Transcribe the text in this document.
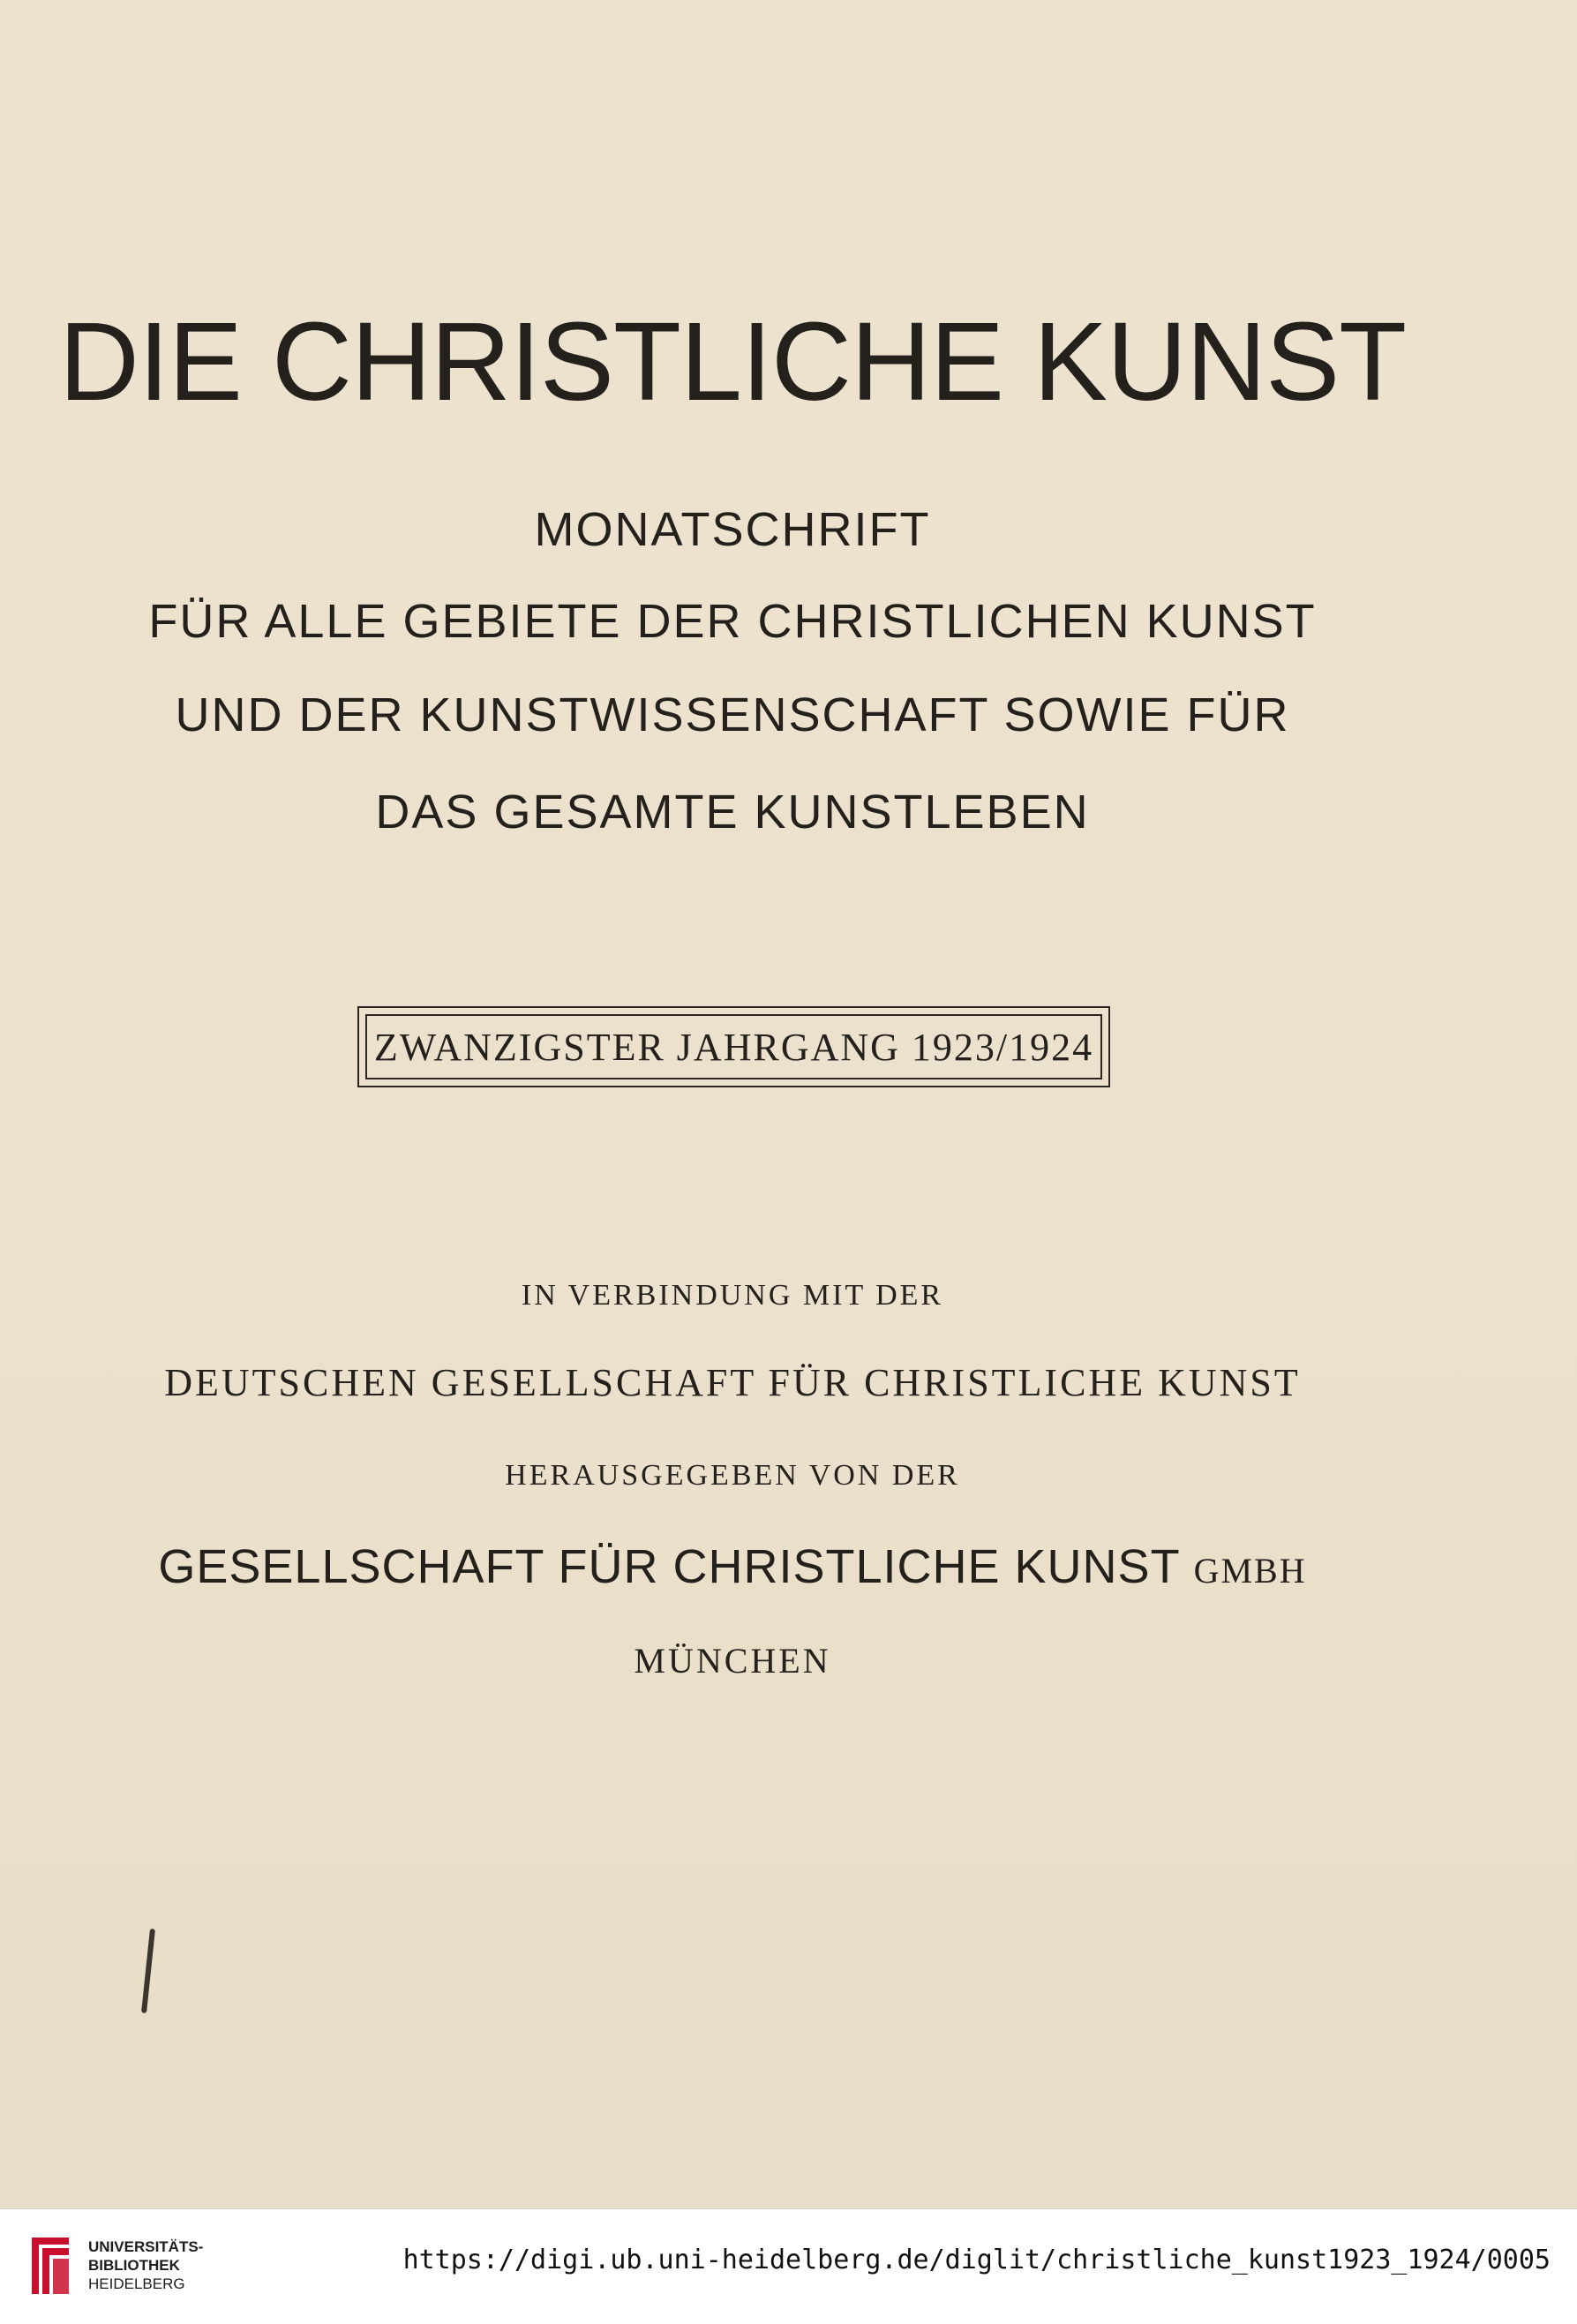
DIE CHRISTLICHE KUNST
MONATSCHRIFT
FÜR ALLE GEBIETE DER CHRISTLICHEN KUNST
UND DER KUNSTWISSENSCHAFT SOWIE FÜR
DAS GESAMTE KUNSTLEBEN
ZWANZIGSTER JAHRGANG 1923/1924
IN VERBINDUNG MIT DER
DEUTSCHEN GESELLSCHAFT FÜR CHRISTLICHE KUNST
HERAUSGEGEBEN VON DER
GESELLSCHAFT FÜR CHRISTLICHE KUNST GMBH
MÜNCHEN
UNIVERSITÄTS-
BIBLIOTHEK
HEIDELBERG
https://digi.ub.uni-heidelberg.de/diglit/christliche_kunst1923_1924/0005
